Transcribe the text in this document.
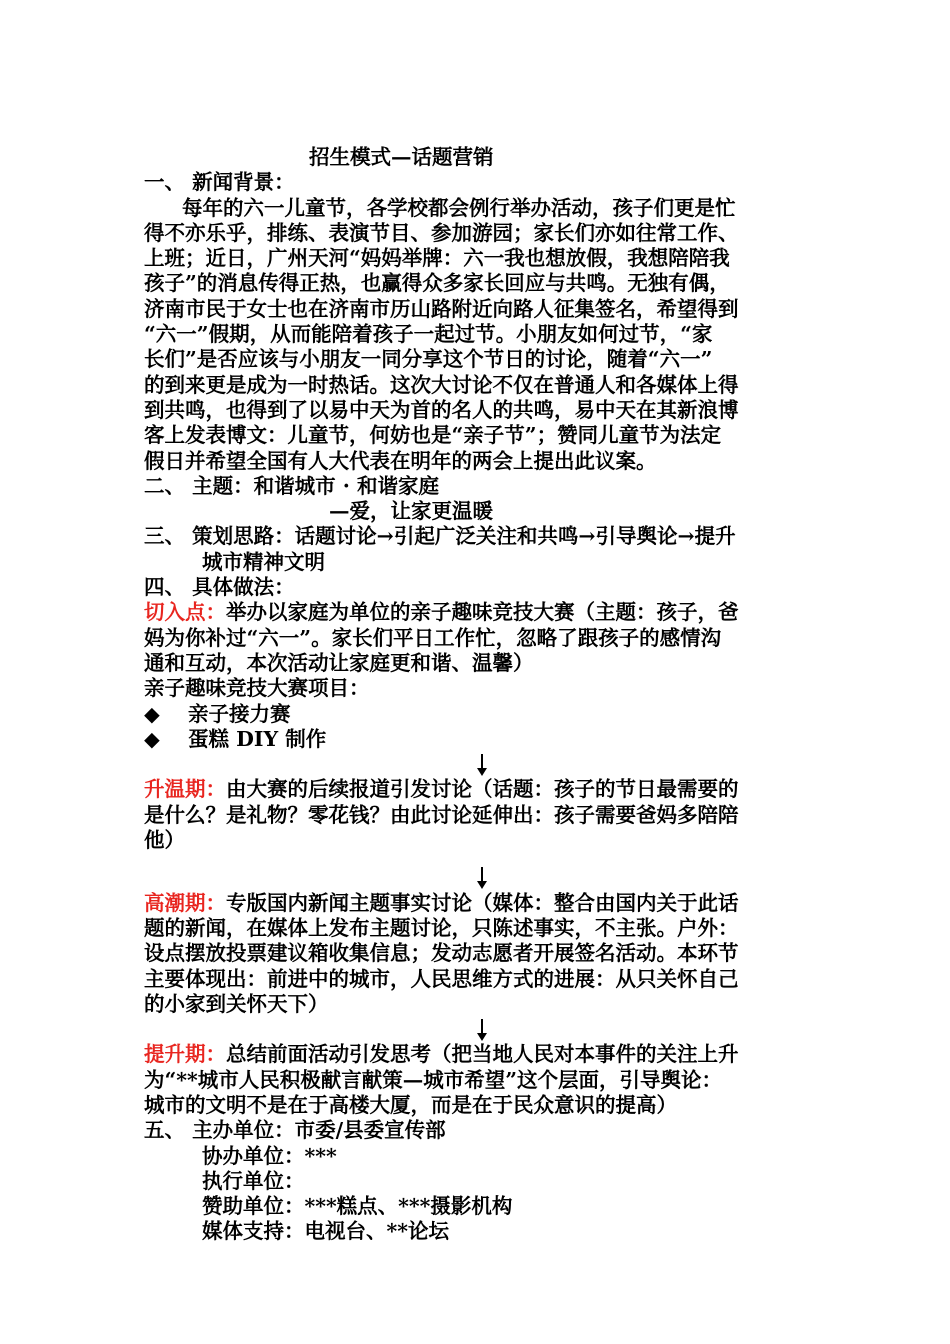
招生模式—话题营销
一、 新闻背景：
每年的六一儿童节，各学校都会例行举办活动，孩子们更是忙
得不亦乐乎，排练、表演节目、参加游园；家长们亦如往常工作、
上班；近日，广州天河“妈妈举牌：六一我也想放假，我想陪陪我
孩子”的消息传得正热，也赢得众多家长回应与共鸣。无独有偶，
济南市民于女士也在济南市历山路附近向路人征集签名，希望得到
“六一”假期，从而能陪着孩子一起过节。小朋友如何过节，“家
长们”是否应该与小朋友一同分享这个节日的讨论，随着“六一”
的到来更是成为一时热话。这次大讨论不仅在普通人和各媒体上得
到共鸣，也得到了以易中天为首的名人的共鸣，易中天在其新浪博
客上发表博文：儿童节，何妨也是“亲子节”；赞同儿童节为法定
假日并希望全国有人大代表在明年的两会上提出此议案。
二、 主题：和谐城市 · 和谐家庭
—爱，让家更温暖
三、 策划思路：话题讨论→引起广泛关注和共鸣→引导舆论→提升
城市精神文明
四、 具体做法：
切入点：举办以家庭为单位的亲子趣味竞技大赛（主题：孩子，爸
妈为你补过“六一”。家长们平日工作忙，忽略了跟孩子的感情沟
通和互动，本次活动让家庭更和谐、温馨）
亲子趣味竞技大赛项目：
◆ 亲子接力赛
◆ 蛋糕 DIY 制作
升温期：由大赛的后续报道引发讨论（话题：孩子的节日最需要的
是什么？是礼物？零花钱？由此讨论延伸出：孩子需要爸妈多陪陪
他）
高潮期：专版国内新闻主题事实讨论（媒体：整合由国内关于此话
题的新闻，在媒体上发布主题讨论，只陈述事实，不主张。户外：
设点摆放投票建议箱收集信息；发动志愿者开展签名活动。本环节
主要体现出：前进中的城市，人民思维方式的进展：从只关怀自己
的小家到关怀天下）
提升期：总结前面活动引发思考（把当地人民对本事件的关注上升
为“**城市人民积极献言献策—城市希望”这个层面，引导舆论：
城市的文明不是在于高楼大厦，而是在于民众意识的提高）
五、 主办单位：市委/县委宣传部
协办单位：***
执行单位：
赞助单位：***糕点、***摄影机构
媒体支持：电视台、**论坛
